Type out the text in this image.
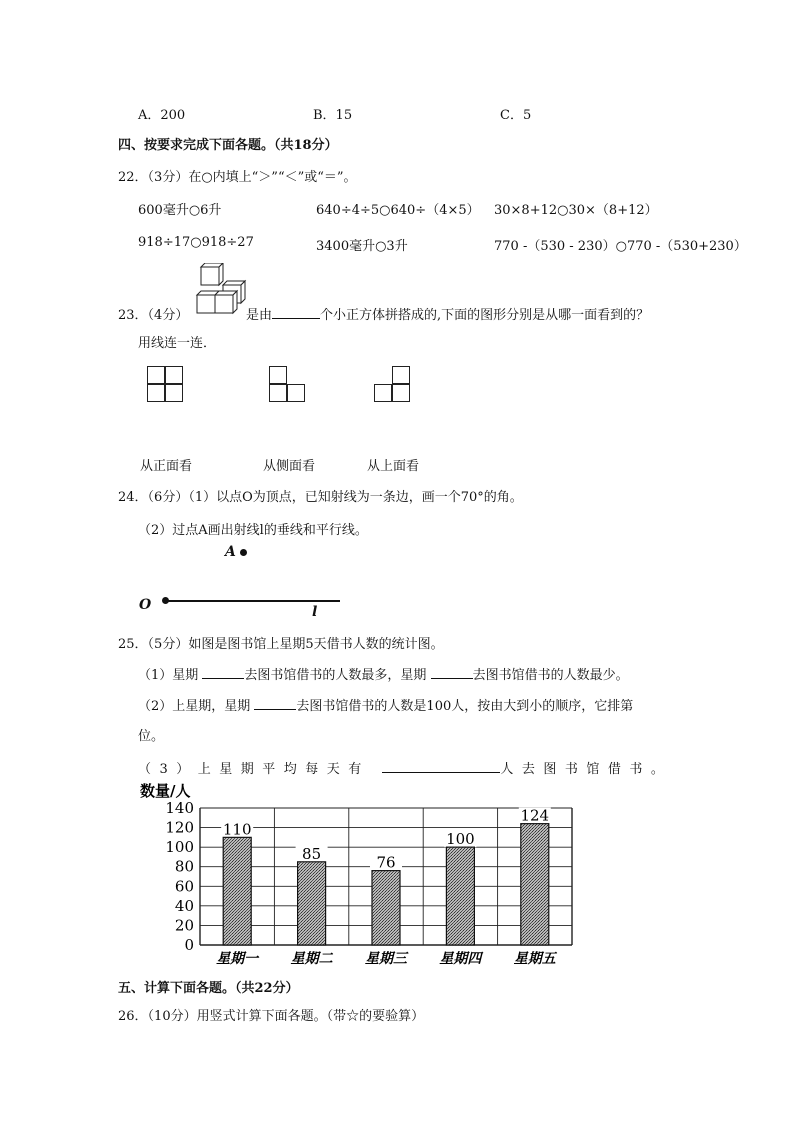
A．200	B．15	C．5
四、按要求完成下面各题。（共18分）
22．（3分）在○内填上“＞”“＜”或“＝”。
600毫升○6升	640÷4÷5○640÷（4×5） 30×8+12○30×（8+12）
918÷17○918÷27	3400毫升○3升	770 -（530 - 230）○770 -（530+230）
23．（4分）	是由	个小正方体拼搭成的,下面的图形分别是从哪一面看到的？
用线连一连．
从正面看	从侧面看	从上面看
24．（6分）（1）以点O为顶点，已知射线为一条边，画一个70°的角。
（2）过点A画出射线l的垂线和平行线。
A
O	l
25．（5分）如图是图书馆上星期5天借书人数的统计图。
（1）星期	去图书馆借书的人数最多，星期	去图书馆借书的人数最少。
（2）上星期，星期	去图书馆借书的人数是100人，按由大到小的顺序，它排第
位。
（3）上星期平均每天有	人去图书馆借书。
数量/人
0
20
40
60
80
100
120
140
110
85	76
100
124
星期一 星期二 星期三 星期四 星期五
五、计算下面各题。（共22分）
26．（10分）用竖式计算下面各题。（带☆的要验算）
